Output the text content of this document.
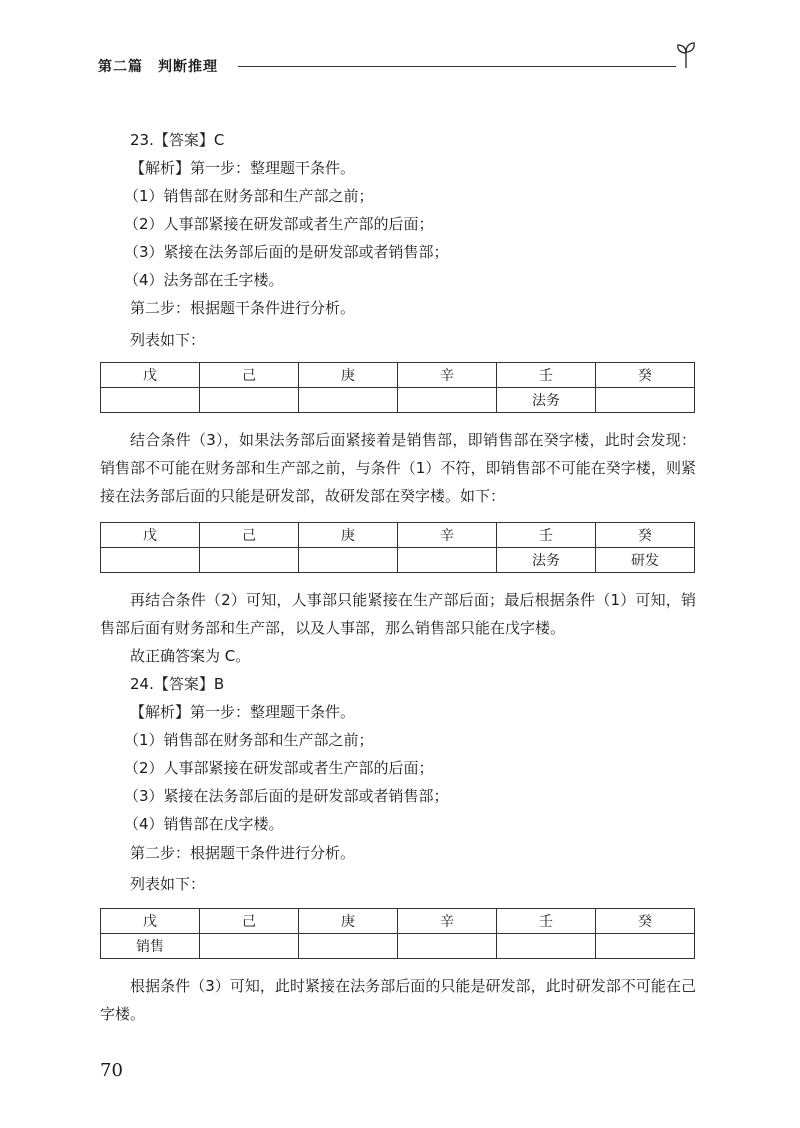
第二篇　判断推理
23.【答案】C
【解析】第一步：整理题干条件。
（1）销售部在财务部和生产部之前；
（2）人事部紧接在研发部或者生产部的后面；
（3）紧接在法务部后面的是研发部或者销售部；
（4）法务部在壬字楼。
第二步：根据题干条件进行分析。
列表如下：
戊	己	庚	辛	壬	癸
				法务	
结合条件（3），如果法务部后面紧接着是销售部，即销售部在癸字楼，此时会发现：销售部不可能在财务部和生产部之前，与条件（1）不符，即销售部不可能在癸字楼，则紧接在法务部后面的只能是研发部，故研发部在癸字楼。如下：
戊	己	庚	辛	壬	癸
				法务	研发
再结合条件（2）可知，人事部只能紧接在生产部后面；最后根据条件（1）可知，销售部后面有财务部和生产部，以及人事部，那么销售部只能在戊字楼。
故正确答案为 C。
24.【答案】B
【解析】第一步：整理题干条件。
（1）销售部在财务部和生产部之前；
（2）人事部紧接在研发部或者生产部的后面；
（3）紧接在法务部后面的是研发部或者销售部；
（4）销售部在戊字楼。
第二步：根据题干条件进行分析。
列表如下：
戊	己	庚	辛	壬	癸
销售					
根据条件（3）可知，此时紧接在法务部后面的只能是研发部，此时研发部不可能在己字楼。
70
